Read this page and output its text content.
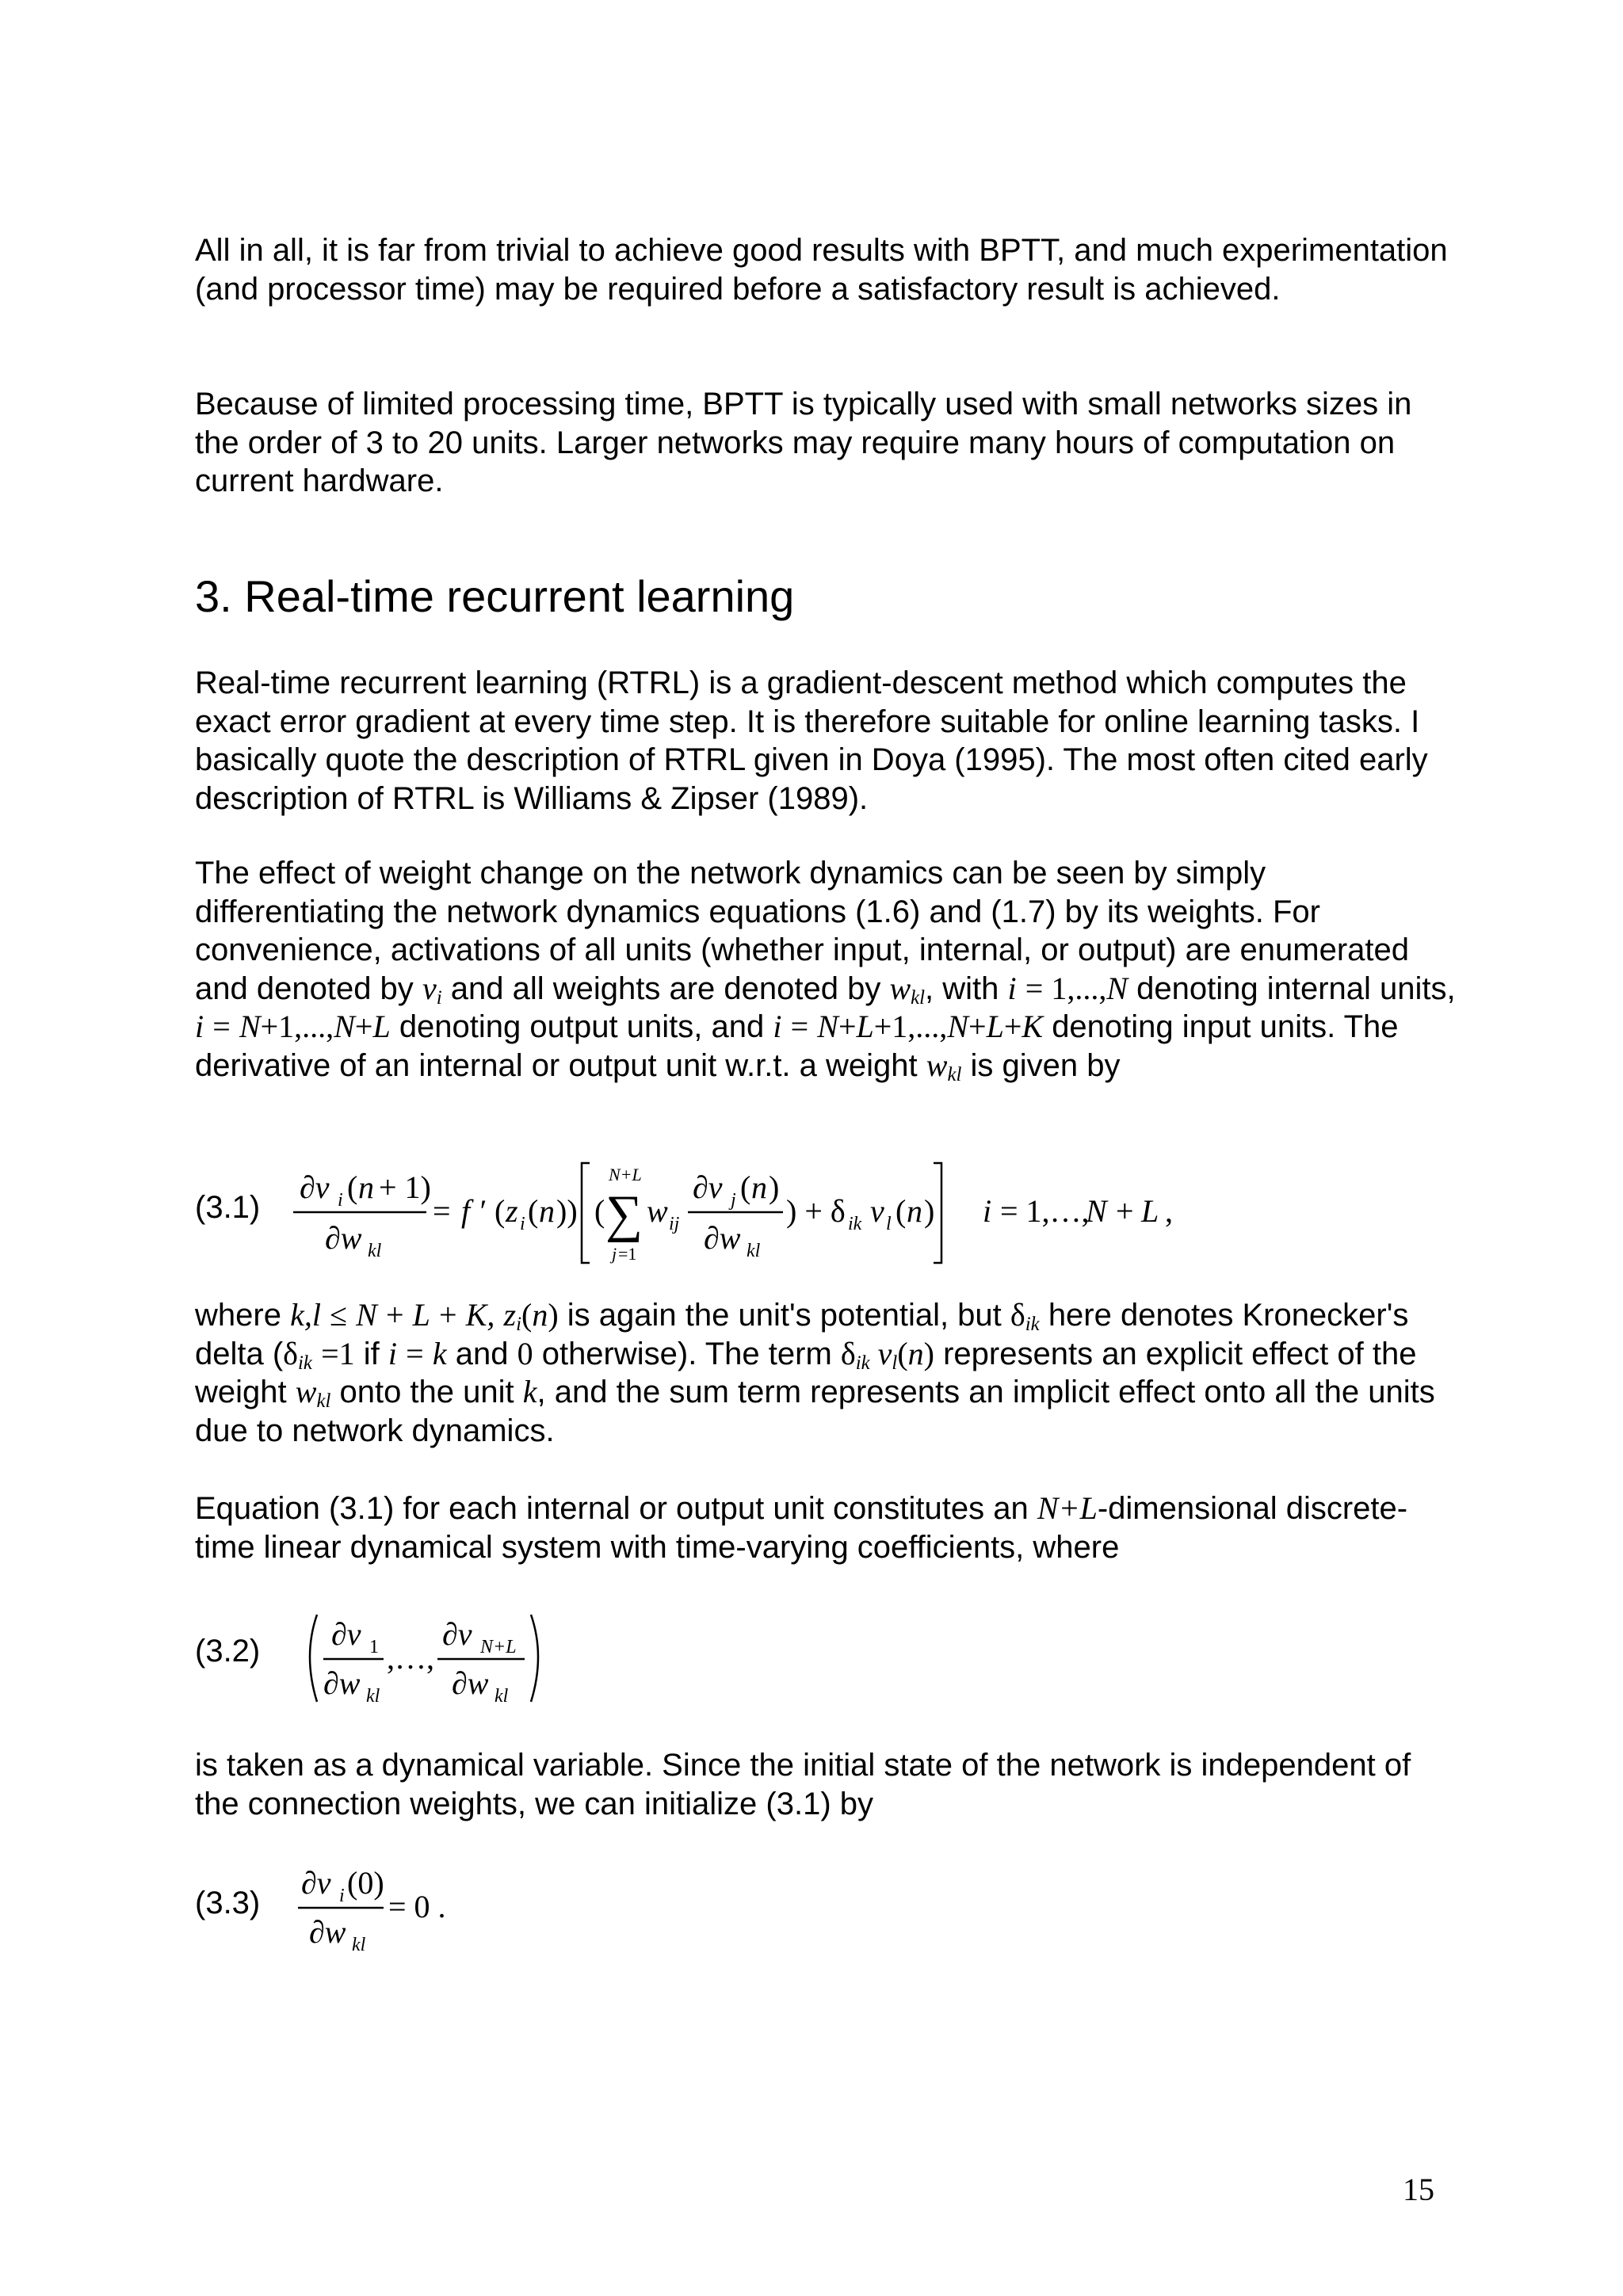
All in all, it is far from trivial to achieve good results with BPTT, and much experimentation (and processor time) may be required before a satisfactory result is achieved.

Because of limited processing time, BPTT is typically used with small networks sizes in the order of 3 to 20 units. Larger networks may require many hours of computation on current hardware.

3. Real-time recurrent learning

Real-time recurrent learning (RTRL) is a gradient-descent method which computes the exact error gradient at every time step. It is therefore suitable for online learning tasks. I basically quote the description of RTRL given in Doya (1995). The most often cited early description of RTRL is Williams & Zipser (1989).

The effect of weight change on the network dynamics can be seen by simply differentiating the network dynamics equations (1.6) and (1.7) by its weights. For convenience, activations of all units (whether input, internal, or output) are enumerated and denoted by $v_i$ and all weights are denoted by $w_{kl}$, with i = 1,...,N denoting internal units, i = N+1,...,N+L denoting output units, and i = N+L+1,...,N+L+K denoting input units. The derivative of an internal or output unit w.r.t. a weight $w_{kl}$ is given by

(3.1)
∂v i ( n + 1)
∂w kl
= f ′ ( z i ( n )) ( ∑
N+L
j =1
w ij
∂v j ( n )
∂w kl
) + δ ik v l ( n ) i = 1,…,
N + L ,

where k,l ≤ N + L + K, $z_i(n)$ is again the unit's potential, but $\delta_{ik}$ here denotes Kronecker's delta ($\delta_{ik} =1$ if i = k and 0 otherwise). The term $\delta_{ik}$ $v_l(n)$ represents an explicit effect of the weight $w_{kl}$ onto the unit k, and the sum term represents an implicit effect onto all the units due to network dynamics.

Equation (3.1) for each internal or output unit constitutes an N+L-dimensional discrete-time linear dynamical system with time-varying coefficients, where

(3.2) ∂v 1
∂w kl
,…,
∂v N+L
∂w kl

is taken as a dynamical variable. Since the initial state of the network is independent of the connection weights, we can initialize (3.1) by

(3.3)
∂v i (0)
∂w kl
= 0 .
15
